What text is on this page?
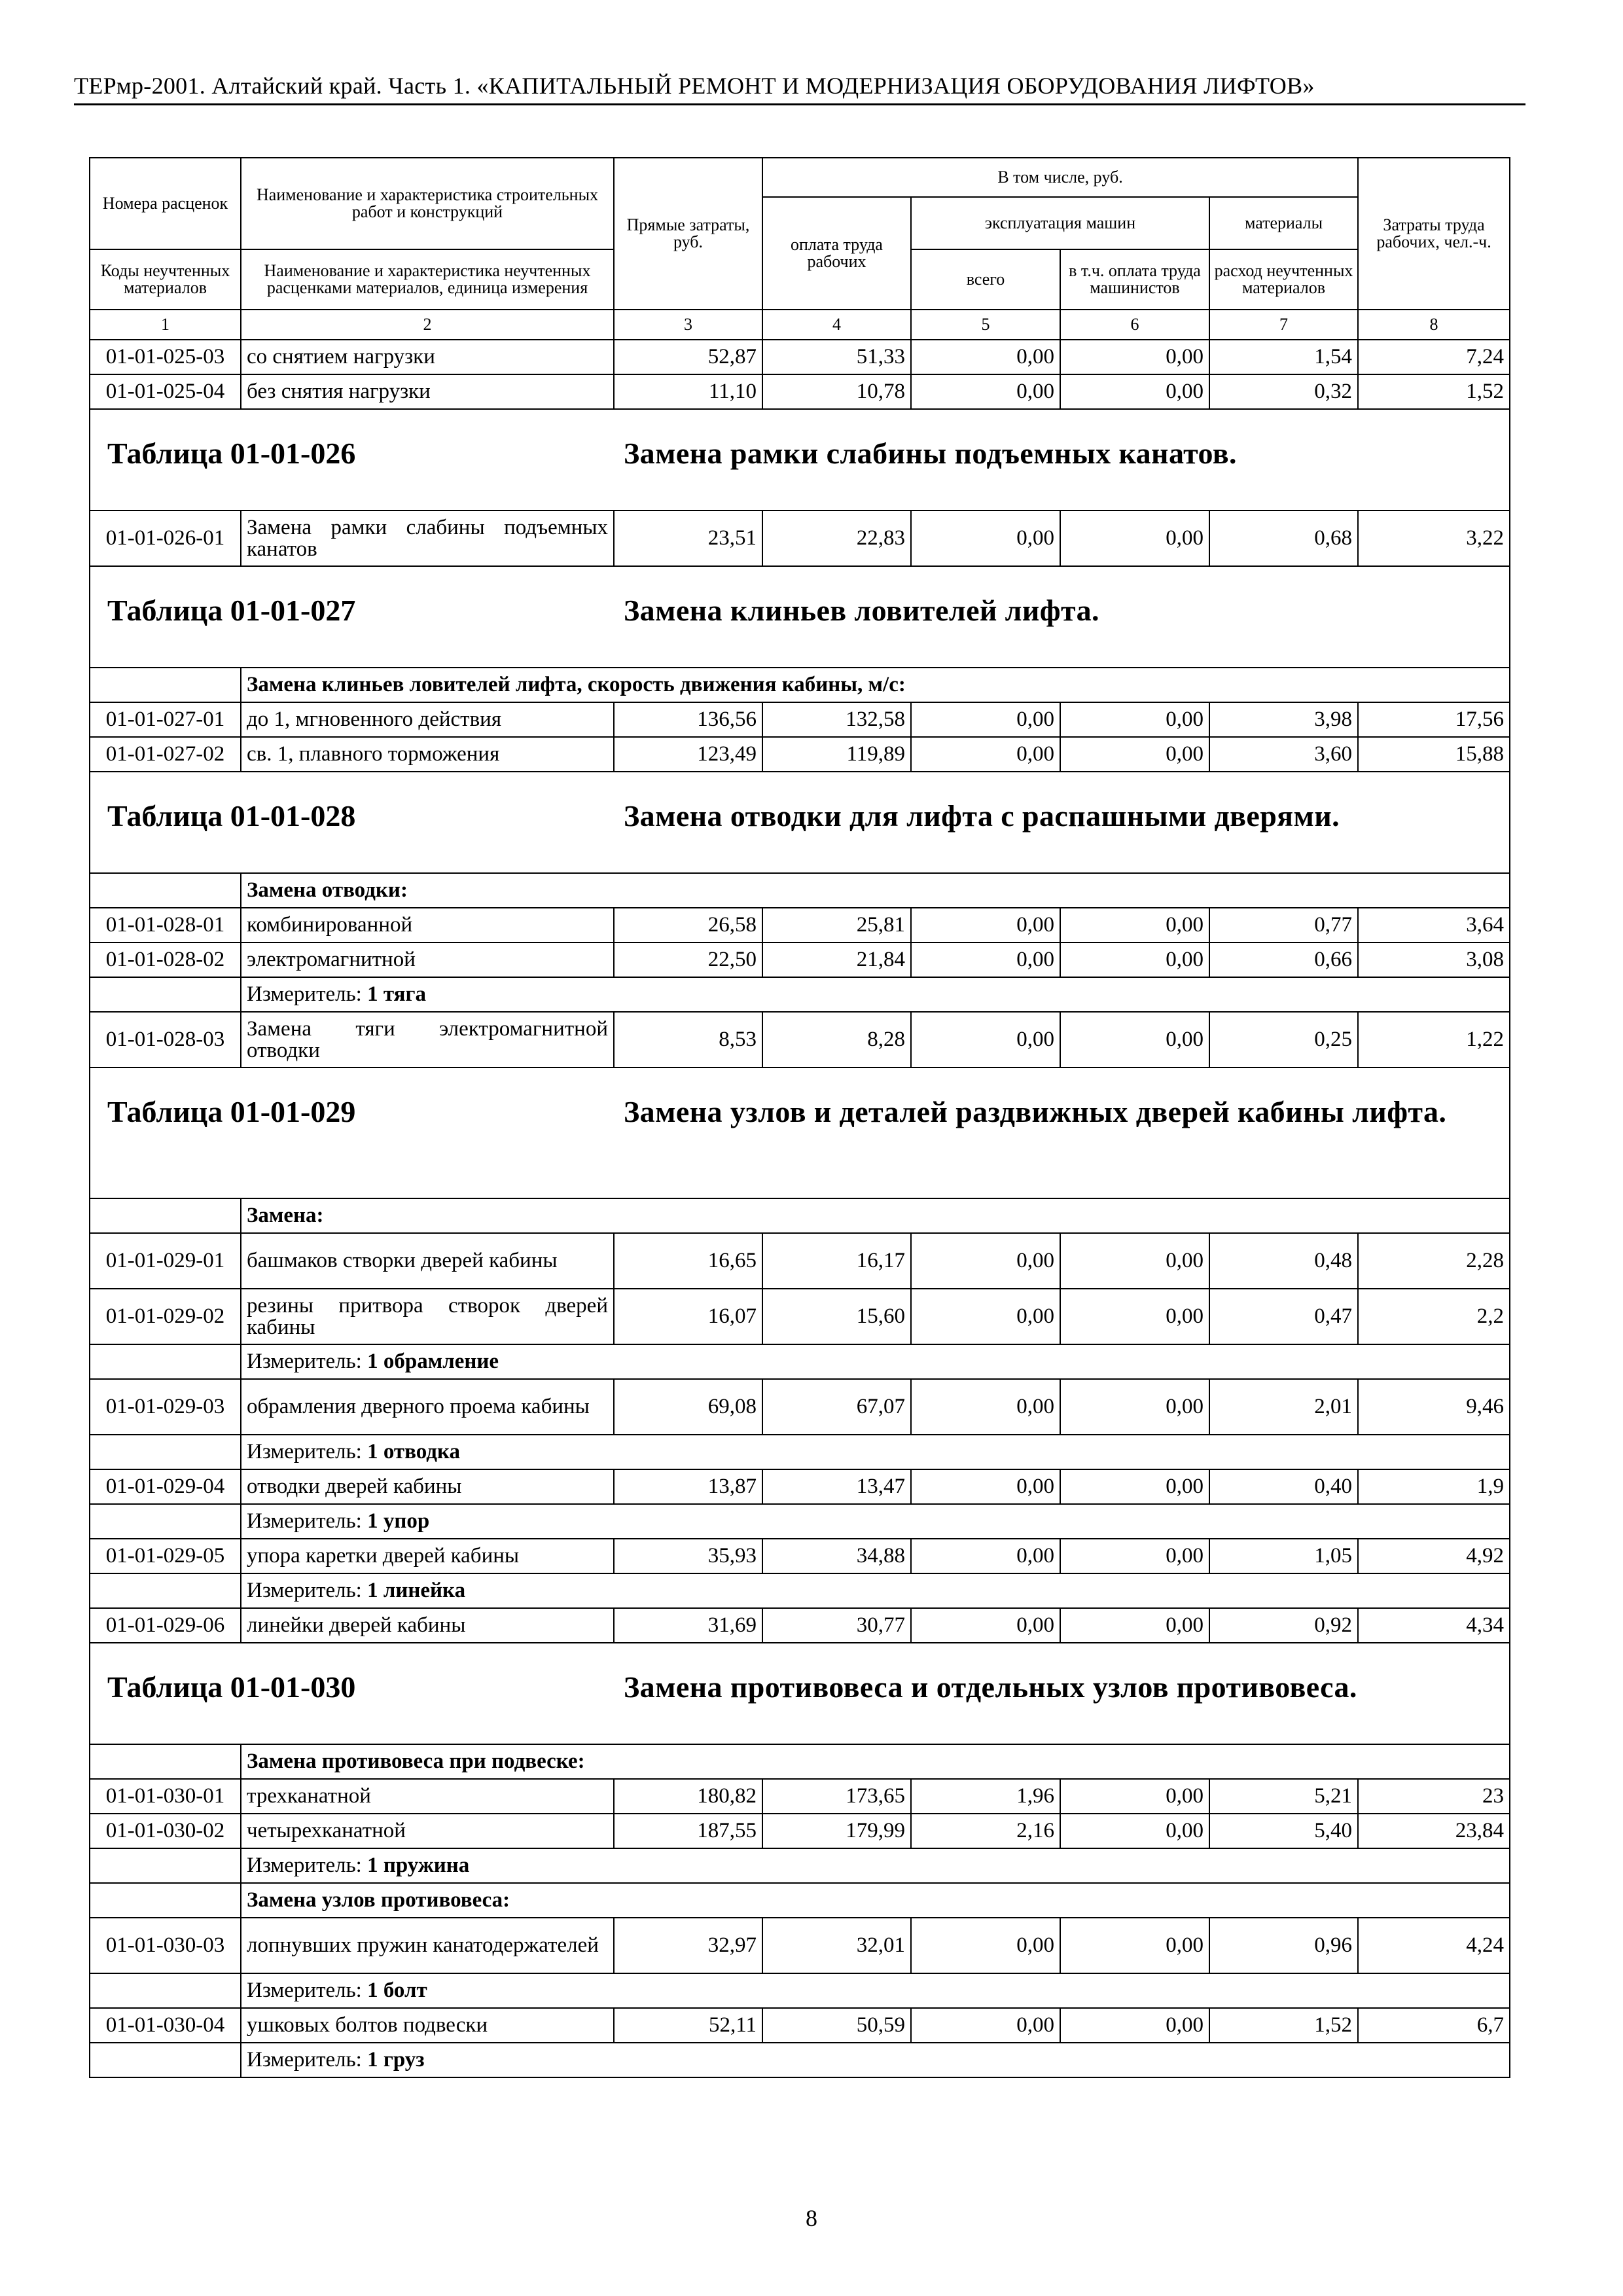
ТЕРмр-2001. Алтайский край. Часть 1. «КАПИТАЛЬНЫЙ РЕМОНТ И МОДЕРНИЗАЦИЯ ОБОРУДОВАНИЯ ЛИФТОВ»
Номера расценок	Наименование и характеристика строительных работ и конструкций	Прямые затраты, руб.	В том числе, руб.				Затраты труда рабочих, чел.-ч.
			оплата труда рабочих	эксплуатация машин		материалы	
Коды неучтенных материалов	Наименование и характеристика неучтенных расценками материалов, единица измерения			всего	в т.ч. оплата труда машинистов	расход неучтенных материалов	
1	2	3	4	5	6	7	8
01-01-025-03	со снятием нагрузки	52,87	51,33	0,00	0,00	1,54	7,24
01-01-025-04	без снятия нагрузки	11,10	10,78	0,00	0,00	0,32	1,52

Таблица 01-01-026 Замена рамки слабины подъемных канатов.							

01-01-026-01	Замена рамки слабины подъемных канатов	23,51	22,83	0,00	0,00	0,68	3,22

Таблица 01-01-027 Замена клиньев ловителей лифта.							

	Замена клиньев ловителей лифта, скорость движения кабины, м/с:						
01-01-027-01	до 1, мгновенного действия	136,56	132,58	0,00	0,00	3,98	17,56
01-01-027-02	св. 1, плавного торможения	123,49	119,89	0,00	0,00	3,60	15,88

Таблица 01-01-028 Замена отводки для лифта с распашными дверями.							

	Замена отводки:						
01-01-028-01	комбинированной	26,58	25,81	0,00	0,00	0,77	3,64
01-01-028-02	электромагнитной	22,50	21,84	0,00	0,00	0,66	3,08
	Измеритель: 1 тяга						
01-01-028-03	Замена тяги электромагнитной отводки	8,53	8,28	0,00	0,00	0,25	1,22

Таблица 01-01-029 Замена узлов и деталей раздвижных дверей кабины лифта.							

	Замена:						
01-01-029-01	башмаков створки дверей кабины	16,65	16,17	0,00	0,00	0,48	2,28
01-01-029-02	резины притвора створок дверей кабины	16,07	15,60	0,00	0,00	0,47	2,2
	Измеритель: 1 обрамление						
01-01-029-03	обрамления дверного проема кабины	69,08	67,07	0,00	0,00	2,01	9,46
	Измеритель: 1 отводка						
01-01-029-04	отводки дверей кабины	13,87	13,47	0,00	0,00	0,40	1,9
	Измеритель: 1 упор						
01-01-029-05	упора каретки дверей кабины	35,93	34,88	0,00	0,00	1,05	4,92
	Измеритель: 1 линейка						
01-01-029-06	линейки дверей кабины	31,69	30,77	0,00	0,00	0,92	4,34

Таблица 01-01-030 Замена противовеса и отдельных узлов противовеса.							

	Замена противовеса при подвеске:						
01-01-030-01	трехканатной	180,82	173,65	1,96	0,00	5,21	23
01-01-030-02	четырехканатной	187,55	179,99	2,16	0,00	5,40	23,84
	Измеритель: 1 пружина						
	Замена узлов противовеса:						
01-01-030-03	лопнувших пружин канатодержателей	32,97	32,01	0,00	0,00	0,96	4,24
	Измеритель: 1 болт						
01-01-030-04	ушковых болтов подвески	52,11	50,59	0,00	0,00	1,52	6,7
	Измеритель: 1 груз						
8
